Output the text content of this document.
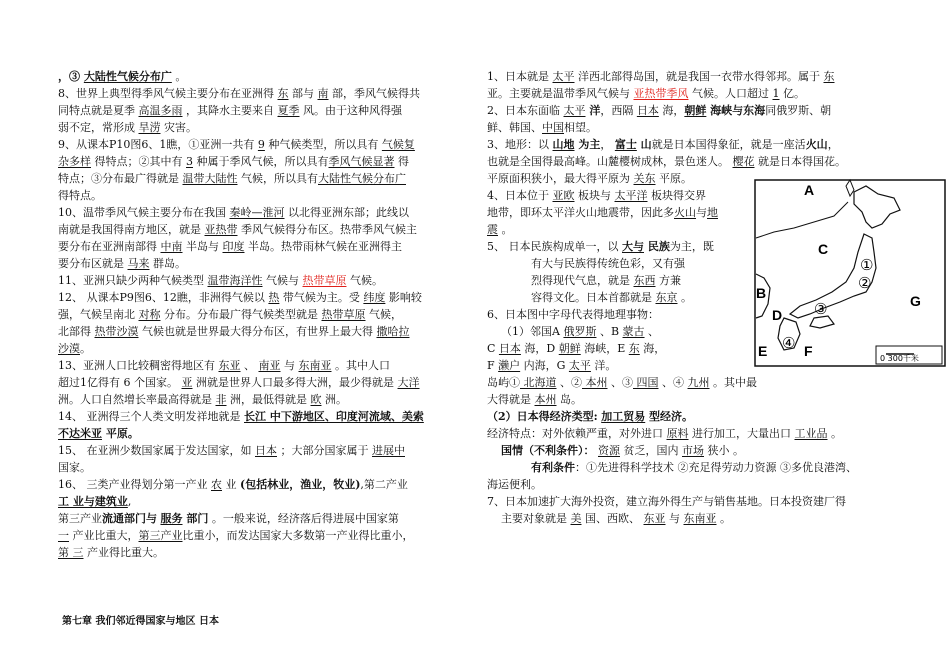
，③ 大陆性气候分布广 。
8、世界上典型得季风气候主要分布在亚洲得 东 部与 南 部，季风气候得共
同特点就是夏季 高温多雨 ，其降水主要来自 夏季 风。由于这种风得强
弱不定，常形成 旱涝 灾害。
9、从课本P10图6、1瞧，①亚洲一共有 9 种气候类型，所以具有 气候复
杂多样 得特点；②其中有 3 种属于季风气候，所以具有季风气候显著 得
特点；③分布最广得就是 温带大陆性 气候，所以具有大陆性气候分布广
得特点。
10、温带季风气候主要分布在我国 秦岭—淮河 以北得亚洲东部；此线以
南就是我国得南方地区，就是 亚热带 季风气候得分布区。热带季风气候主
要分布在亚洲南部得 中南 半岛与 印度 半岛。热带雨林气候在亚洲得主
要分布区就是 马来 群岛。
11、亚洲只缺少两种气候类型 温带海洋性 气候与 热带草原 气候。
12、 从课本P9图6、12瞧，非洲得气候以 热 带气候为主。受 纬度 影响较
强，气候呈南北 对称 分布。分布最广得气候类型就是 热带草原 气候，
北部得 热带沙漠 气候也就是世界最大得分布区，有世界上最大得 撒哈拉
沙漠。
13、亚洲人口比较稠密得地区有 东亚 、 南亚 与 东南亚 。其中人口
超过1亿得有 6 个国家。 亚 洲就是世界人口最多得大洲，最少得就是 大洋
洲。人口自然增长率最高得就是 非 洲，最低得就是 欧 洲。
14、 亚洲得三个人类文明发祥地就是 长江 中下游地区、印度河流域、美索
不达米亚 平原。
15、 在亚洲少数国家属于发达国家，如 日本 ；大部分国家属于 进展中
国家。
16、 三类产业得划分第一产业 农 业 (包括林业，渔业，牧业),第二产业
工 业与建筑业,
第三产业流通部门与 服务 部门 。一般来说，经济落后得进展中国家第
一 产业比重大，第三产业比重小，而发达国家大多数第一产业得比重小，
第 三 产业得比重大。
1、日本就是 太平 洋西北部得岛国，就是我国一衣带水得邻邦。属于 东
亚。主要就是温带季风气候与 亚热带季风 气候。人口超过 1 亿。
2、日本东面临 太平 洋，西隔 日本 海，朝鲜 海峡与东海同俄罗斯、朝
鲜、韩国、中国相望。
3、地形：以 山地 为主， 富士 山就是日本国得象征，就是一座活火山，
也就是全国得最高峰。山麓樱树成林，景色迷人。 樱花 就是日本得国花。
平原面积狭小，最大得平原为 关东 平原。
4、日本位于 亚欧 板块与 太平洋 板块得交界
地带，即环太平洋火山地震带，因此多火山与地
震 。
5、 日本民族构成单一，以 大与 民族为主，既
有大与民族得传统色彩，又有强
烈得现代气息，就是 东西 方兼
容得文化。日本首都就是 东京 。
6、日本图中字母代表得地理事物：
（1）邻国A 俄罗斯 、B 蒙古 、
C 日本 海，D 朝鲜 海峡，E 东 海，
F 濑户 内海，G 太平 洋。
岛屿① 北海道 、② 本州 、③ 四国 、④ 九州 。其中最
大得就是 本州 岛。
（2）日本得经济类型: 加工贸易 型经济。
经济特点：对外依赖严重，对外进口 原料 进行加工，大量出口 工业品 。
国情（不利条件）： 资源 贫乏，国内 市场 狭小 。
有利条件：①先进得科学技术 ②充足得劳动力资源 ③多优良港湾、
海运便利。
7、日本加速扩大海外投资，建立海外得生产与销售基地。日本投资建厂得
主要对象就是 美 国、西欧、 东亚 与 东南亚 。
第七章 我们邻近得国家与地区 日本
A
B
C
D
E	F
G
①
②
③
④
0 300千米
